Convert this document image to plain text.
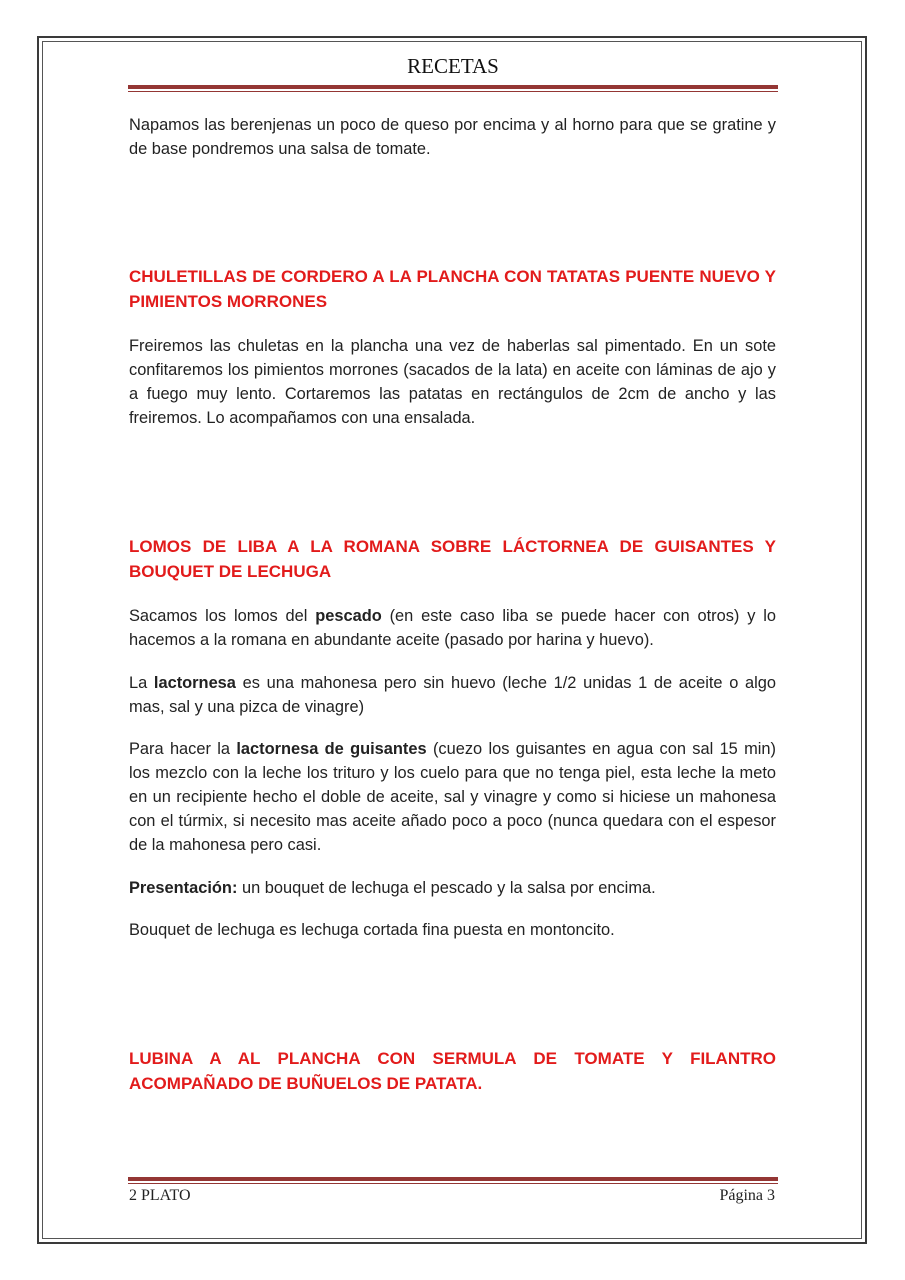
RECETAS

Napamos las berenjenas un poco de queso por encima y al horno para que se gratine y de base pondremos una salsa de tomate.

CHULETILLAS DE CORDERO A LA PLANCHA CON TATATAS PUENTE NUEVO Y PIMIENTOS MORRONES

Freiremos las chuletas en la plancha una vez de haberlas sal pimentado. En un sote confitaremos los pimientos morrones (sacados de la lata) en aceite con láminas de ajo y a fuego muy lento. Cortaremos las patatas en rectángulos de 2cm de ancho y las freiremos. Lo acompañamos con una ensalada.

LOMOS DE LIBA A LA ROMANA SOBRE LÁCTORNEA DE GUISANTES Y BOUQUET DE LECHUGA

Sacamos los lomos del pescado (en este caso liba se puede hacer con otros) y lo hacemos a la romana en abundante aceite (pasado por harina y huevo).

La lactornesa es una mahonesa pero sin huevo (leche 1/2 unidas 1 de aceite o algo mas, sal y una pizca de vinagre)

Para hacer la lactornesa de guisantes (cuezo los guisantes en agua con sal 15 min) los mezclo con la leche los trituro y los cuelo para que no tenga piel, esta leche la meto en un recipiente hecho el doble de aceite, sal y vinagre y como si hiciese un mahonesa con el túrmix, si necesito mas aceite añado poco a poco (nunca quedara con el espesor de la mahonesa pero casi.

Presentación: un bouquet de lechuga el pescado y la salsa por encima.

Bouquet de lechuga es lechuga cortada fina puesta en montoncito.

LUBINA A AL PLANCHA CON SERMULA DE TOMATE Y FILANTRO ACOMPAÑADO DE BUÑUELOS DE PATATA.
2 PLATO	Página 3
